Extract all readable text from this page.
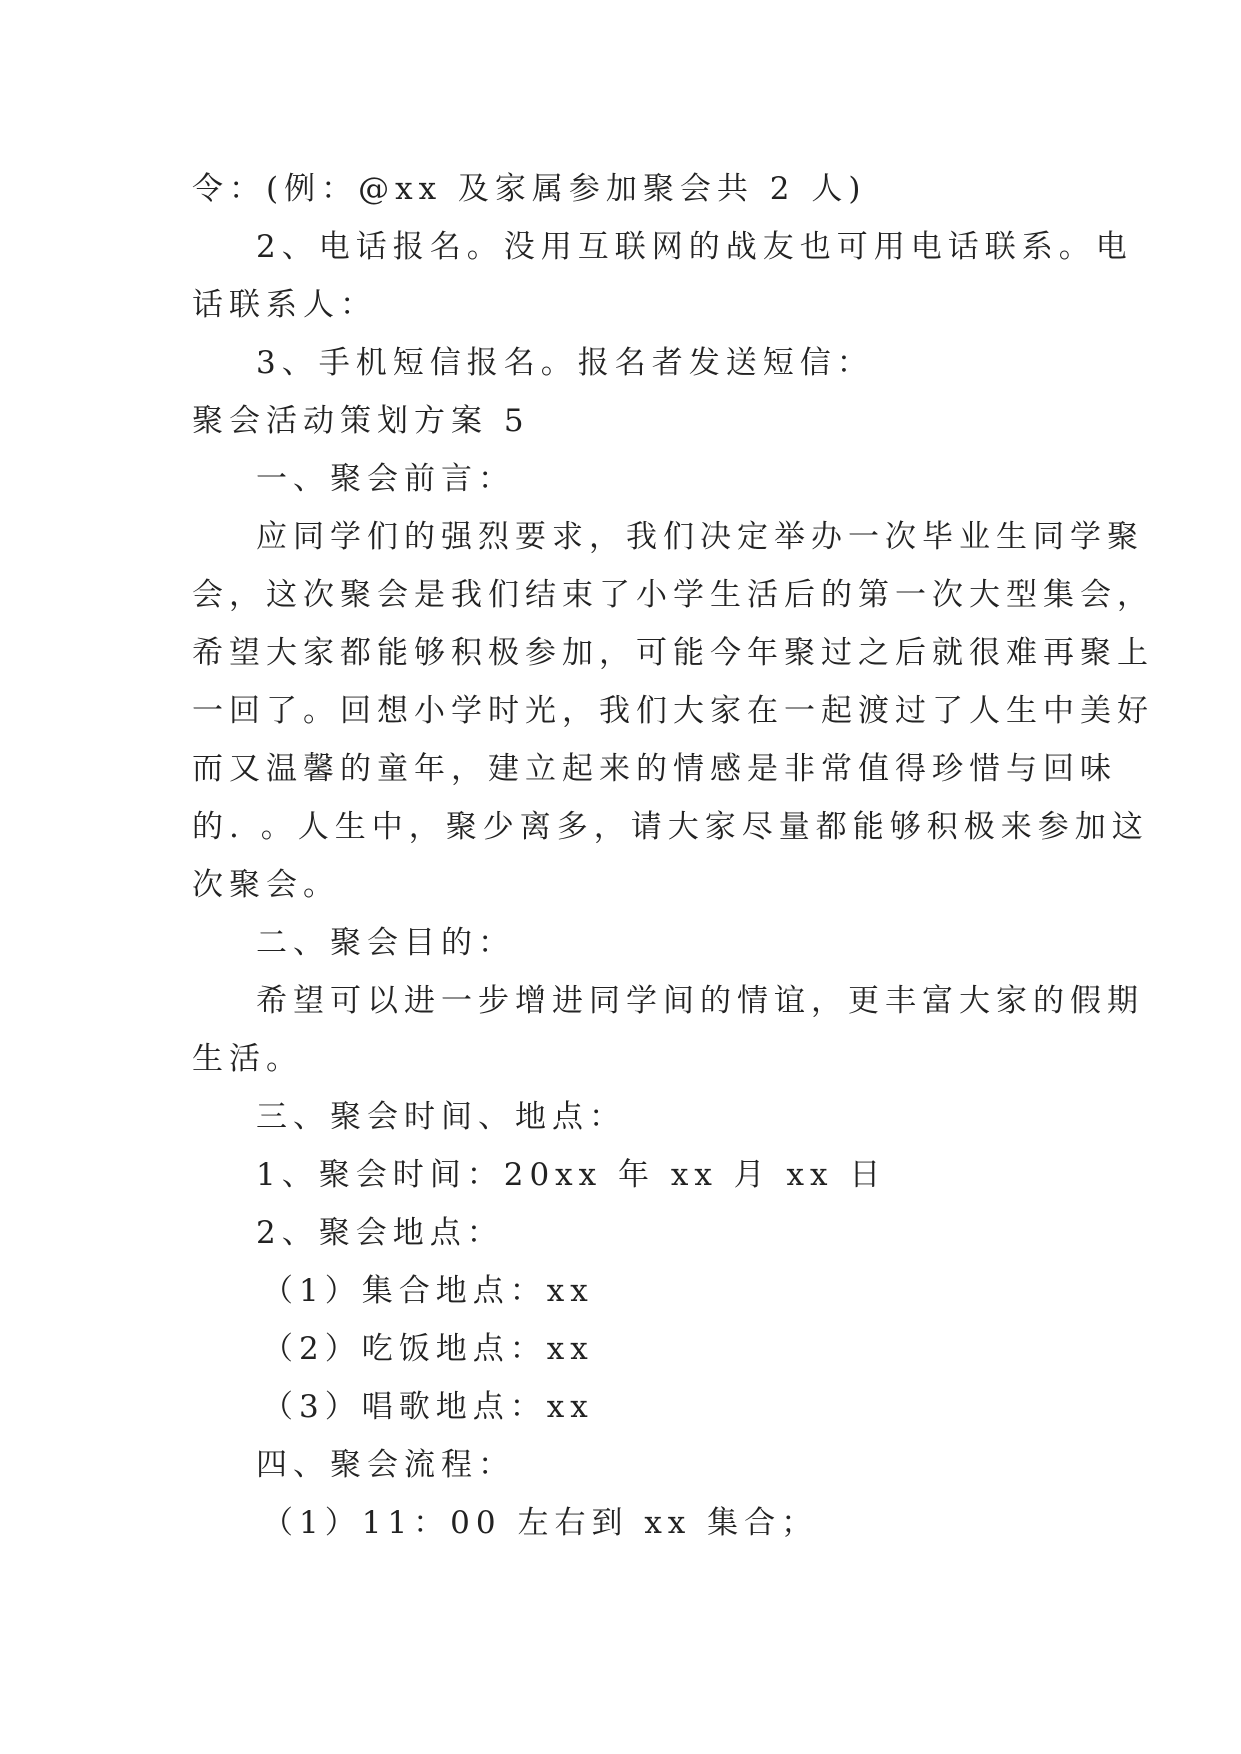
令：(例：@xx 及家属参加聚会共 2 人)
2、电话报名。没用互联网的战友也可用电话联系。电
话联系人：
3、手机短信报名。报名者发送短信：
聚会活动策划方案 5
一、聚会前言：
应同学们的强烈要求，我们决定举办一次毕业生同学聚
会，这次聚会是我们结束了小学生活后的第一次大型集会，
希望大家都能够积极参加，可能今年聚过之后就很难再聚上
一回了。回想小学时光，我们大家在一起渡过了人生中美好
而又温馨的童年，建立起来的情感是非常值得珍惜与回味
的. 。人生中，聚少离多，请大家尽量都能够积极来参加这
次聚会。
二、聚会目的：
希望可以进一步增进同学间的情谊，更丰富大家的假期
生活。
三、聚会时间、地点：
1、聚会时间：20xx 年 xx 月 xx 日
2、聚会地点：
（1）集合地点：xx
（2）吃饭地点：xx
（3）唱歌地点：xx
四、聚会流程：
（1）11：00 左右到 xx 集合；
